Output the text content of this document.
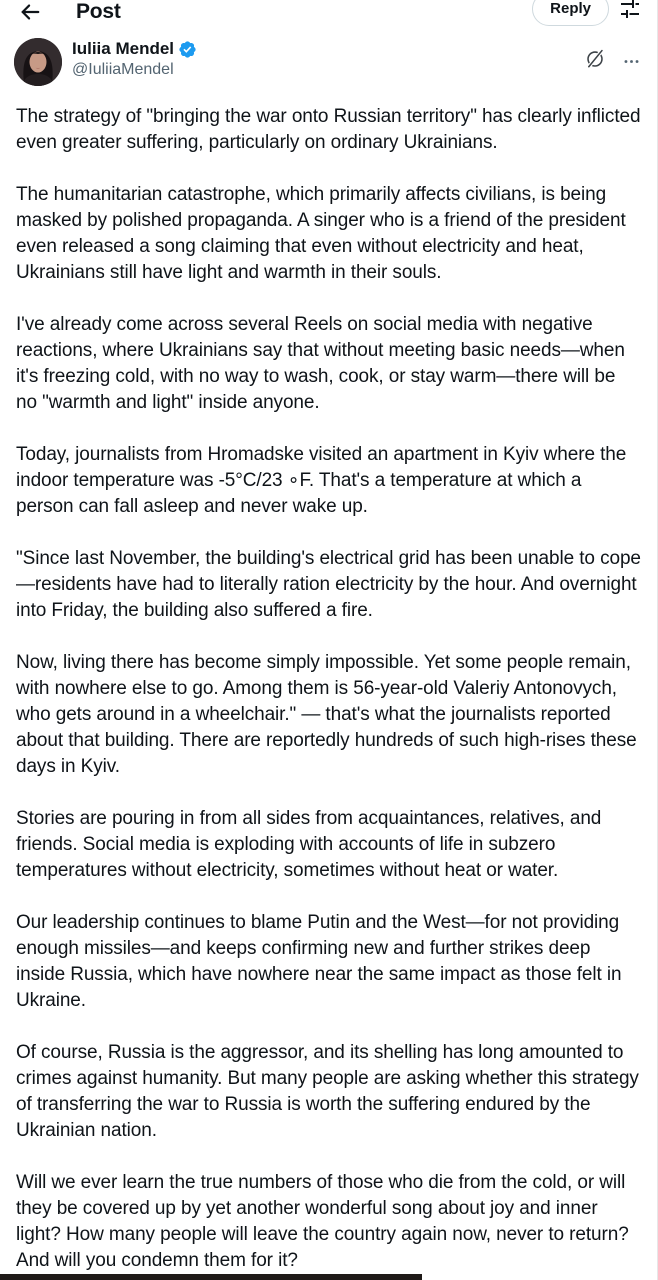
Post	Reply
Iuliia Mendel
@IuliiaMendel

The strategy of "bringing the war onto Russian territory" has clearly inflicted even greater suffering, particularly on ordinary Ukrainians.

The humanitarian catastrophe, which primarily affects civilians, is being masked by polished propaganda. A singer who is a friend of the president even released a song claiming that even without electricity and heat, Ukrainians still have light and warmth in their souls.

I've already come across several Reels on social media with negative reactions, where Ukrainians say that without meeting basic needs—when it's freezing cold, with no way to wash, cook, or stay warm—there will be no "warmth and light" inside anyone.

Today, journalists from Hromadske visited an apartment in Kyiv where the indoor temperature was -5°C/23 ∘F. That's a temperature at which a person can fall asleep and never wake up.

"Since last November, the building's electrical grid has been unable to cope—residents have had to literally ration electricity by the hour. And overnight into Friday, the building also suffered a fire.

Now, living there has become simply impossible. Yet some people remain, with nowhere else to go. Among them is 56-year-old Valeriy Antonovych, who gets around in a wheelchair." — that's what the journalists reported about that building. There are reportedly hundreds of such high-rises these days in Kyiv.

Stories are pouring in from all sides from acquaintances, relatives, and friends. Social media is exploding with accounts of life in subzero temperatures without electricity, sometimes without heat or water.

Our leadership continues to blame Putin and the West—for not providing enough missiles—and keeps confirming new and further strikes deep inside Russia, which have nowhere near the same impact as those felt in Ukraine.

Of course, Russia is the aggressor, and its shelling has long amounted to crimes against humanity. But many people are asking whether this strategy of transferring the war to Russia is worth the suffering endured by the Ukrainian nation.

Will we ever learn the true numbers of those who die from the cold, or will they be covered up by yet another wonderful song about joy and inner light? How many people will leave the country again now, never to return? And will you condemn them for it?
